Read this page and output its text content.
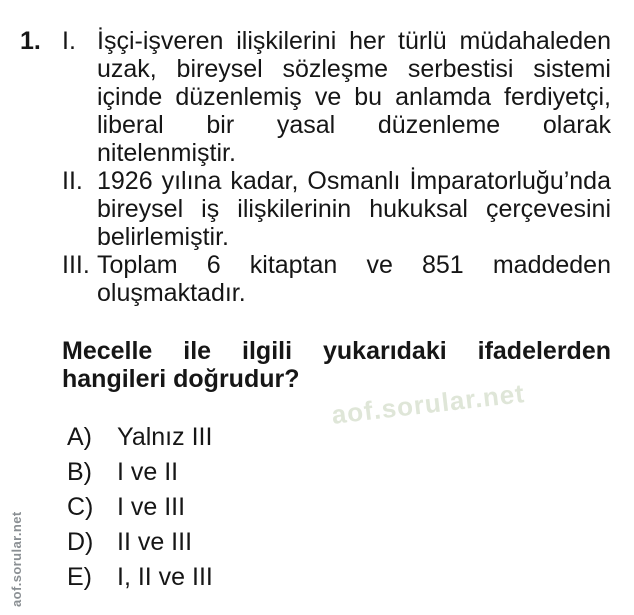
aof.sorular.net
aof.sorular.net
1. I. İşçi-işveren ilişkilerini her türlü müdahaleden
uzak, bireysel sözleşme serbestisi sistemi
içinde düzenlemiş ve bu anlamda ferdiyetçi,
liberal bir yasal düzenleme olarak
nitelenmiştir.
II. 1926 yılına kadar, Osmanlı İmparatorluğu’nda
bireysel iş ilişkilerinin hukuksal çerçevesini
belirlemiştir.
III. Toplam 6 kitaptan ve 851 maddeden
oluşmaktadır.
Mecelle ile ilgili yukarıdaki ifadelerden
hangileri doğrudur?
A)	Yalnız III
B)	I ve II
C) I ve III
D) II ve III
E)	I, II ve III
